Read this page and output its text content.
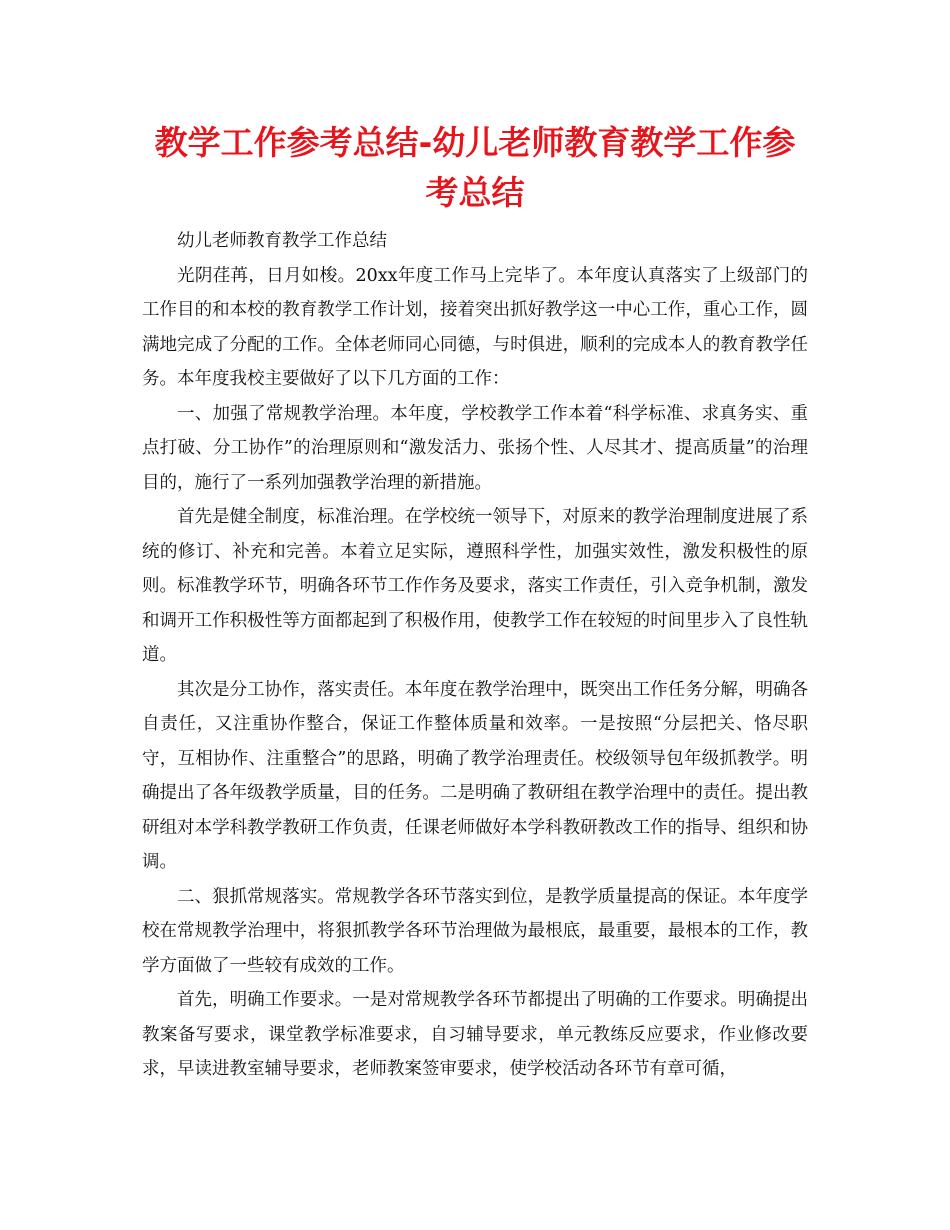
教学工作参考总结-幼儿老师教育教学工作参考总结

幼儿老师教育教学工作总结

光阴荏苒，日月如梭。20xx年度工作马上完毕了。本年度认真落实了上级部门的工作目的和本校的教育教学工作计划，接着突出抓好教学这一中心工作，重心工作，圆满地完成了分配的工作。全体老师同心同德，与时俱进，顺利的完成本人的教育教学任务。本年度我校主要做好了以下几方面的工作：

一、加强了常规教学治理。本年度，学校教学工作本着“科学标准、求真务实、重点打破、分工协作”的治理原则和“激发活力、张扬个性、人尽其才、提高质量”的治理目的，施行了一系列加强教学治理的新措施。

首先是健全制度，标准治理。在学校统一领导下，对原来的教学治理制度进展了系统的修订、补充和完善。本着立足实际，遵照科学性，加强实效性，激发积极性的原则。标准教学环节，明确各环节工作作务及要求，落实工作责任，引入竞争机制，激发和调开工作积极性等方面都起到了积极作用，使教学工作在较短的时间里步入了良性轨道。

其次是分工协作，落实责任。本年度在教学治理中，既突出工作任务分解，明确各自责任，又注重协作整合，保证工作整体质量和效率。一是按照“分层把关、恪尽职守，互相协作、注重整合”的思路，明确了教学治理责任。校级领导包年级抓教学。明确提出了各年级教学质量，目的任务。二是明确了教研组在教学治理中的责任。提出教研组对本学科教学教研工作负责，任课老师做好本学科教研教改工作的指导、组织和协调。

二、狠抓常规落实。常规教学各环节落实到位，是教学质量提高的保证。本年度学校在常规教学治理中，将狠抓教学各环节治理做为最根底，最重要，最根本的工作，教学方面做了一些较有成效的工作。

首先，明确工作要求。一是对常规教学各环节都提出了明确的工作要求。明确提出教案备写要求，课堂教学标准要求，自习辅导要求，单元教练反应要求，作业修改要求，早读进教室辅导要求，老师教案签审要求，使学校活动各环节有章可循，
